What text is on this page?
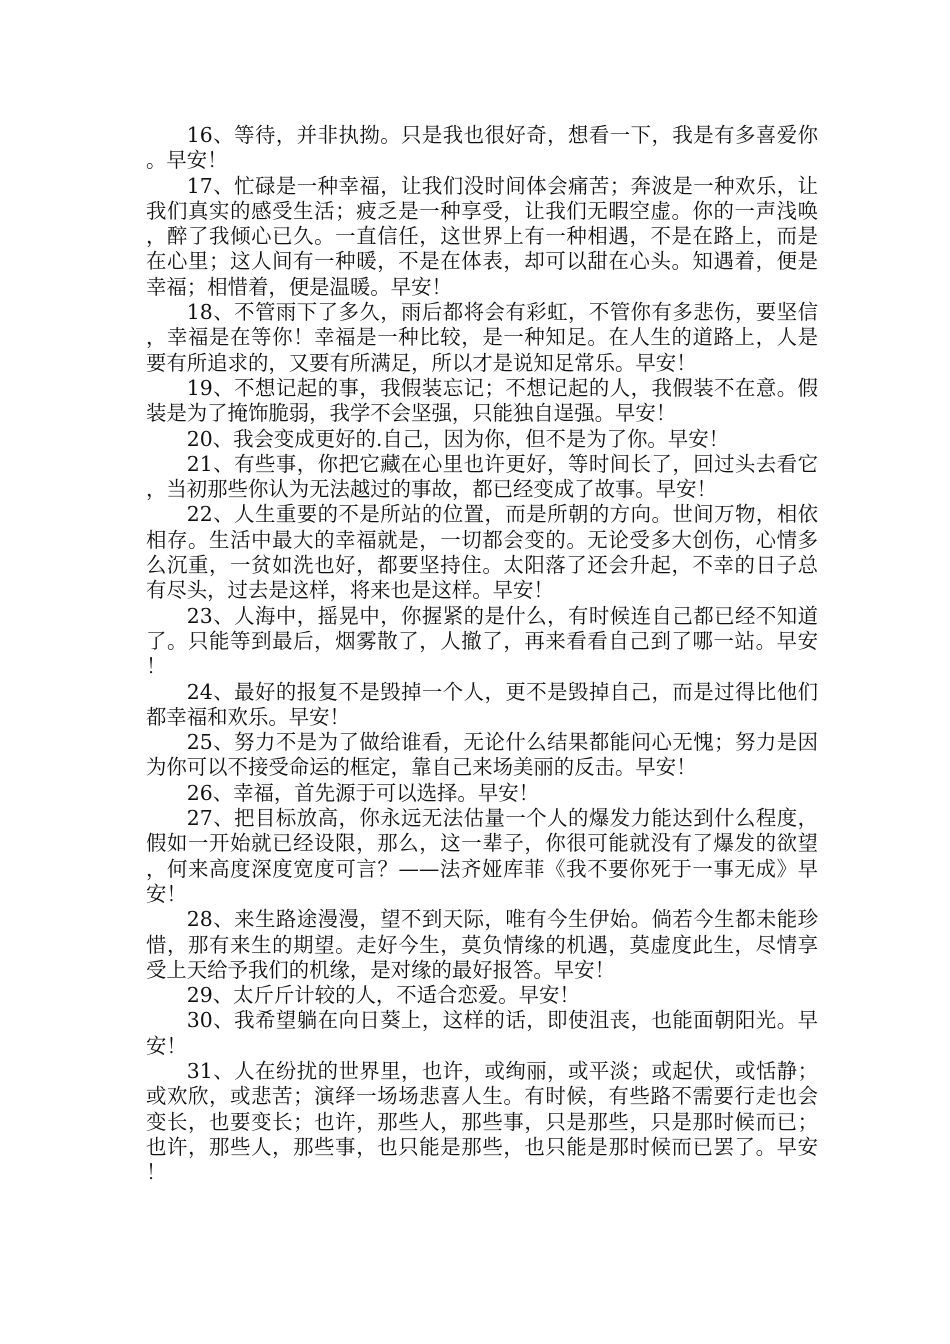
16、等待，并非执拗。只是我也很好奇，想看一下，我是有多喜爱你。早安！

17、忙碌是一种幸福，让我们没时间体会痛苦；奔波是一种欢乐，让我们真实的感受生活；疲乏是一种享受，让我们无暇空虚。你的一声浅唤，醉了我倾心已久。一直信任，这世界上有一种相遇，不是在路上，而是在心里；这人间有一种暖，不是在体表，却可以甜在心头。知遇着，便是幸福；相惜着，便是温暖。早安！

18、不管雨下了多久，雨后都将会有彩虹，不管你有多悲伤，要坚信，幸福是在等你！幸福是一种比较，是一种知足。在人生的道路上，人是要有所追求的，又要有所满足，所以才是说知足常乐。早安！

19、不想记起的事，我假装忘记；不想记起的人，我假装不在意。假装是为了掩饰脆弱，我学不会坚强，只能独自逞强。早安！

20、我会变成更好的.自己，因为你，但不是为了你。早安！

21、有些事，你把它藏在心里也许更好，等时间长了，回过头去看它，当初那些你认为无法越过的事故，都已经变成了故事。早安！

22、人生重要的不是所站的位置，而是所朝的方向。世间万物，相依相存。生活中最大的幸福就是，一切都会变的。无论受多大创伤，心情多么沉重，一贫如洗也好，都要坚持住。太阳落了还会升起，不幸的日子总有尽头，过去是这样，将来也是这样。早安！

23、人海中，摇晃中，你握紧的是什么，有时候连自己都已经不知道了。只能等到最后，烟雾散了，人撤了，再来看看自己到了哪一站。早安！

24、最好的报复不是毁掉一个人，更不是毁掉自己，而是过得比他们都幸福和欢乐。早安！

25、努力不是为了做给谁看，无论什么结果都能问心无愧；努力是因为你可以不接受命运的框定，靠自己来场美丽的反击。早安！

26、幸福，首先源于可以选择。早安！

27、把目标放高，你永远无法估量一个人的爆发力能达到什么程度，假如一开始就已经设限，那么，这一辈子，你很可能就没有了爆发的欲望，何来高度深度宽度可言？——法齐娅库菲《我不要你死于一事无成》早安！

28、来生路途漫漫，望不到天际，唯有今生伊始。倘若今生都未能珍惜，那有来生的期望。走好今生，莫负情缘的机遇，莫虚度此生，尽情享受上天给予我们的机缘，是对缘的最好报答。早安！

29、太斤斤计较的人，不适合恋爱。早安！

30、我希望躺在向日葵上，这样的话，即使沮丧，也能面朝阳光。早安！

31、人在纷扰的世界里，也许，或绚丽，或平淡；或起伏，或恬静；或欢欣，或悲苦；演绎一场场悲喜人生。有时候，有些路不需要行走也会变长，也要变长；也许，那些人，那些事，只是那些，只是那时候而已；也许，那些人，那些事，也只能是那些，也只能是那时候而已罢了。早安！
